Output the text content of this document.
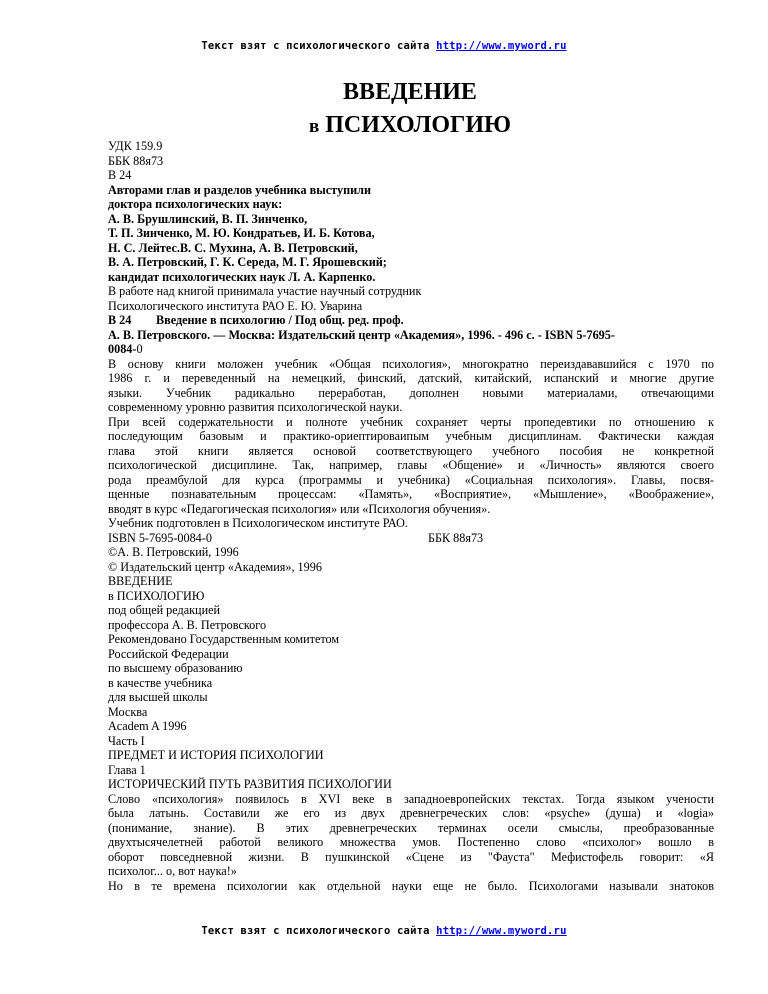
Текст взят с психологического сайта http://www.myword.ru
ВВЕДЕНИЕ
в ПСИХОЛОГИЮ
УДК 159.9
ББК 88я73
В 24
Авторами глав и разделов учебника выступили
доктора психологических наук:
А. В. Брушлинский, В. П. Зинченко,
Т. П. Зинченко, М. Ю. Кондратьев, И. Б. Котова,
Н. С. Лейтес.В. С. Мухина, А. В. Петровский,
В. А. Петровский, Г. К. Середа, М. Г. Ярошевский;
кандидат психологических наук Л. А. Карпенко.
В работе над книгой принимала участие научный сотрудник
Психологического института РАО Е. Ю. Уварина
В 24 Введение в психологию / Под общ. ред. проф.
А. В. Петровского. — Москва: Издательский центр «Академия», 1996. - 496 с. - ISBN 5-7695-
0084-0
В основу книги моложен учебник «Общая психология», многократно переиздававшийся с 1970 по
1986 г. и переведенный на немецкий, финский, датский, китайский, испанский и многие другие
языки. Учебник радикально переработан, дополнен новыми материалами, отвечающими
современному уровню развития психологической науки.
При всей содержательности и полноте учебник сохраняет черты пропедевтики по отношению к
последующим базовым и практико-ориептироваипым учебным дисциплинам. Фактически каждая
глава этой книги является основой соответствующего учебного пособия не конкретной
психологической дисциплине. Так, например, главы «Общение» и «Личность» являются своего
рода преамбулой для курса (программы и учебника) «Социальная психология». Главы, посвя-
щенные познавательным процессам: «Память», «Восприятие», «Мышление», «Воображение»,
вводят в курс «Педагогическая психология» или «Психология обучения».
Учебник подготовлен в Психологическом институте РАО.
ISBN 5-7695-0084-0	ББК 88я73
©А. В. Петровский, 1996
© Издательский центр «Академия», 1996
ВВЕДЕНИЕ
в ПСИХОЛОГИЮ
под общей редакцией
профессора А. В. Петровского
Рекомендовано Государственным комитетом
Российской Федерации
по высшему образованию
в качестве учебника
для высшей школы
Москва
Academ A 1996
Часть I
ПРЕДМЕТ И ИСТОРИЯ ПСИХОЛОГИИ
Глава 1
ИСТОРИЧЕСКИЙ ПУТЬ РАЗВИТИЯ ПСИХОЛОГИИ
Слово «психология» появилось в XVI веке в западноевропейских текстах. Тогда языком учености
была латынь. Составили же его из двух древнегреческих слов: «psyche» (душа) и «logia»
(понимание, знание). В этих древнегреческих терминах осели смыслы, преобразованные
двухтысячелетней работой великого множества умов. Постепенно слово «психолог» вошло в
оборот повседневной жизни. В пушкинской «Сцене из "Фауста" Мефистофель говорит: «Я
психолог... о, вот наука!»
Но в те времена психологии как отдельной науки еще не было. Психологами называли знатоков
Текст взят с психологического сайта http://www.myword.ru
